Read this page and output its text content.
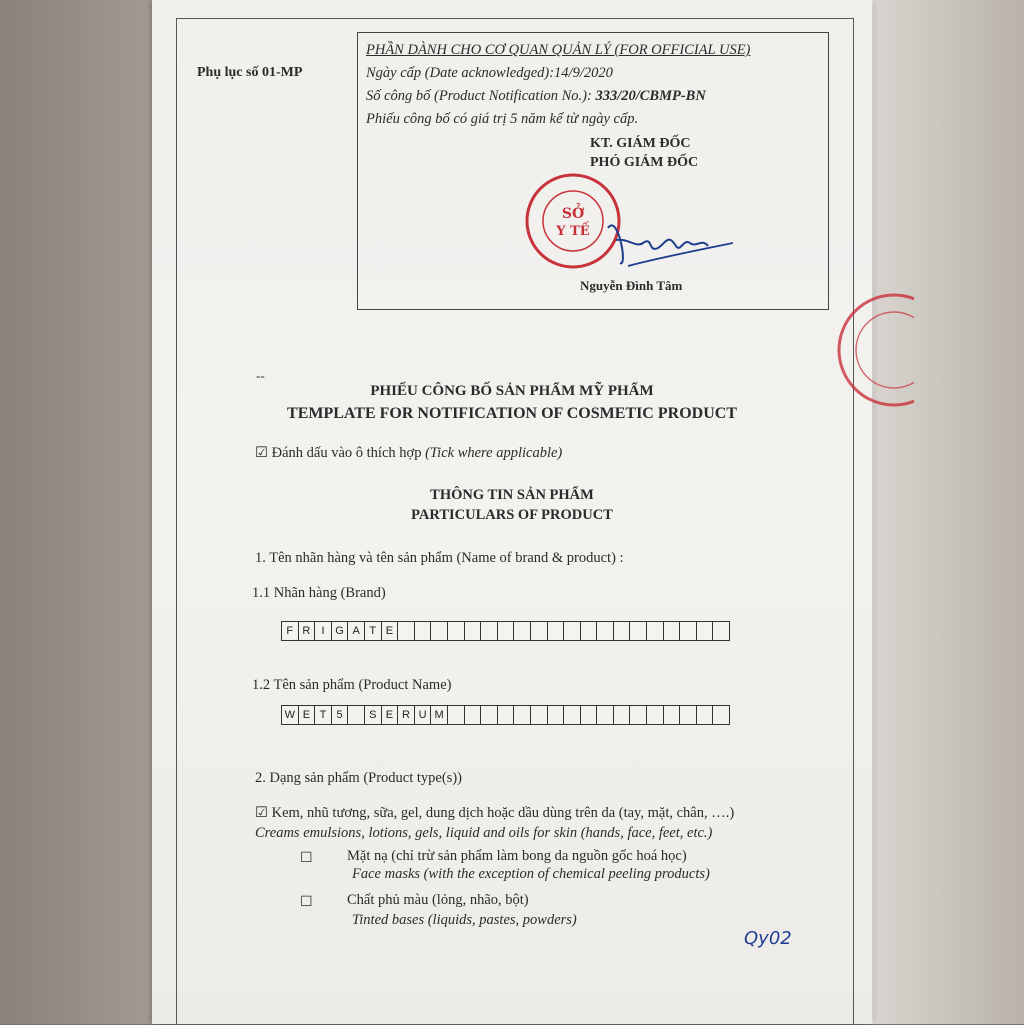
Phụ lục số 01-MP

PHẦN DÀNH CHO CƠ QUAN QUẢN LÝ (FOR OFFICIAL USE)

Ngày cấp (Date acknowledged):14/9/2020

Số công bố (Product Notification No.): 333/20/CBMP-BN

Phiếu công bố có giá trị 5 năm kể từ ngày cấp.

KT. GIÁM ĐỐC
PHÓ GIÁM ĐỐC
SỞ
Y TẾ
Nguyễn Đình Tâm
--
PHIẾU CÔNG BỐ SẢN PHẨM MỸ PHẨM
TEMPLATE FOR NOTIFICATION OF COSMETIC PRODUCT
☑ Đánh dấu vào ô thích hợp (Tick where applicable)
THÔNG TIN SẢN PHẨM
PARTICULARS OF PRODUCT
1. Tên nhãn hàng và tên sản phẩm (Name of brand & product) :
1.1 Nhãn hàng (Brand)
F R	I G A T E
1.2 Tên sản phẩm (Product Name)
W E T 5	S E R U M
2. Dạng sản phẩm (Product type(s))
☑ Kem, nhũ tương, sữa, gel, dung dịch hoặc dầu dùng trên da (tay, mặt, chân, ….)
Creams emulsions, lotions, gels, liquid and oils for skin (hands, face, feet, etc.)
☐ Mặt nạ (chỉ trừ sản phẩm làm bong da nguồn gốc hoá học)
Face masks (with the exception of chemical peeling products)
☐ Chất phủ màu (lỏng, nhão, bột)
Tinted bases (liquids, pastes, powders)
Qy02
